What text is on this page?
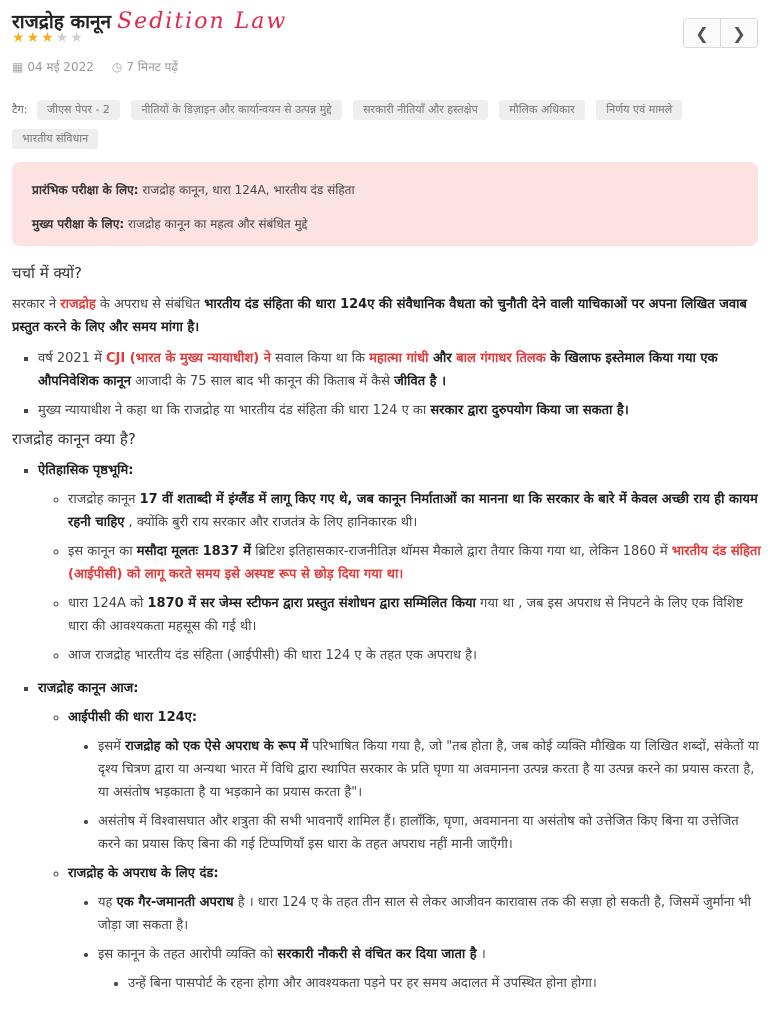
राजद्रोह कानून Sedition Law
★★★★★	❮ ❯
▦ 04 मई 2022 ◷ 7 मिनट पढ़ें
टैग: जीएस पेपर - 2	नीतियों के डिज़ाइन और कार्यान्वयन से उत्पन्न मुद्दे	सरकारी नीतियाँ और हस्तक्षेप	मौलिक अधिकार	निर्णय एवं मामले
भारतीय संविधान

प्रारंभिक परीक्षा के लिए: राजद्रोह कानून, धारा 124A, भारतीय दंड संहिता

मुख्य परीक्षा के लिए: राजद्रोह कानून का महत्व और संबंधित मुद्दे

चर्चा में क्यों?

सरकार ने राजद्रोह के अपराध से संबंधित भारतीय दंड संहिता की धारा 124ए की संवैधानिक वैधता को चुनौती देने वाली याचिकाओं पर अपना लिखित जवाब प्रस्तुत करने के लिए और समय मांगा है।

▪ वर्ष 2021 में CJI (भारत के मुख्य न्यायाधीश) ने सवाल किया था कि महात्मा गांधी और बाल गंगाधर तिलक के खिलाफ इस्तेमाल किया गया एक औपनिवेशिक कानून आजादी के 75 साल बाद भी कानून की किताब में कैसे जीवित है ।
▪ मुख्य न्यायाधीश ने कहा था कि राजद्रोह या भारतीय दंड संहिता की धारा 124 ए का सरकार द्वारा दुरुपयोग किया जा सकता है।
राजद्रोह कानून क्या है?
▪ ऐतिहासिक पृष्ठभूमि:
◦ राजद्रोह कानून 17 वीं शताब्दी में इंग्लैंड में लागू किए गए थे, जब कानून निर्माताओं का मानना था कि सरकार के बारे में केवल अच्छी राय ही कायम रहनी चाहिए , क्योंकि बुरी राय सरकार और राजतंत्र के लिए हानिकारक थी।
◦ इस कानून का मसौदा मूलतः 1837 में ब्रिटिश इतिहासकार-राजनीतिज्ञ थॉमस मैकाले द्वारा तैयार किया गया था, लेकिन 1860 में भारतीय दंड संहिता (आईपीसी) को लागू करते समय इसे अस्पष्ट रूप से छोड़ दिया गया था।
◦ धारा 124A को 1870 में सर जेम्स स्टीफन द्वारा प्रस्तुत संशोधन द्वारा सम्मिलित किया गया था , जब इस अपराध से निपटने के लिए एक विशिष्ट धारा की आवश्यकता महसूस की गई थी।
◦ आज राजद्रोह भारतीय दंड संहिता (आईपीसी) की धारा 124 ए के तहत एक अपराध है।
▪ राजद्रोह कानून आज:
◦ आईपीसी की धारा 124ए:
• इसमें राजद्रोह को एक ऐसे अपराध के रूप में परिभाषित किया गया है, जो "तब होता है, जब कोई व्यक्ति मौखिक या लिखित शब्दों, संकेतों या दृश्य चित्रण द्वारा या अन्यथा भारत में विधि द्वारा स्थापित सरकार के प्रति घृणा या अवमानना उत्पन्न करता है या उत्पन्न करने का प्रयास करता है, या असंतोष भड़काता है या भड़काने का प्रयास करता है"।
• असंतोष में विश्वासघात और शत्रुता की सभी भावनाएँ शामिल हैं। हालाँकि, घृणा, अवमानना या असंतोष को उत्तेजित किए बिना या उत्तेजित करने का प्रयास किए बिना की गई टिप्पणियाँ इस धारा के तहत अपराध नहीं मानी जाएँगी।
◦ राजद्रोह के अपराध के लिए दंड:
• यह एक गैर-जमानती अपराध है । धारा 124 ए के तहत तीन साल से लेकर आजीवन कारावास तक की सज़ा हो सकती है, जिसमें जुर्माना भी जोड़ा जा सकता है।
• इस कानून के तहत आरोपी व्यक्ति को सरकारी नौकरी से वंचित कर दिया जाता है ।
• उन्हें बिना पासपोर्ट के रहना होगा और आवश्यकता पड़ने पर हर समय अदालत में उपस्थित होना होगा।
